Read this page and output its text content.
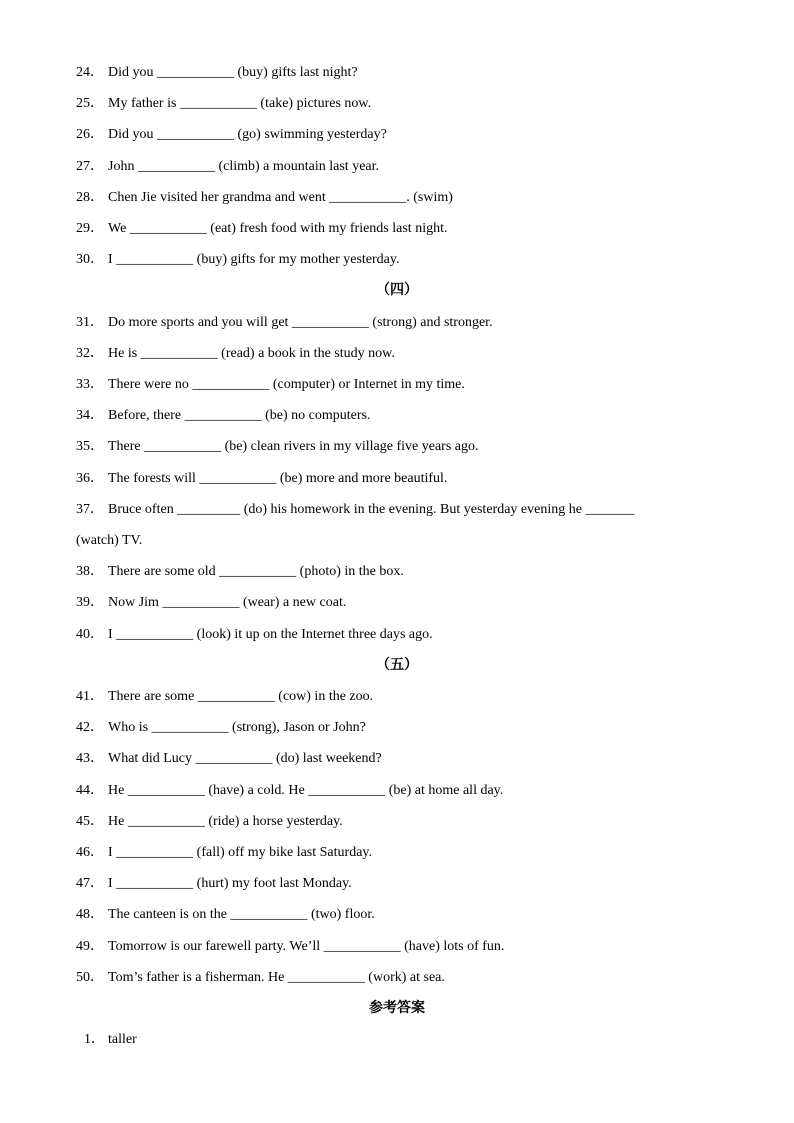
24． Did you ___________ (buy) gifts last night?
25． My father is ___________ (take) pictures now.
26． Did you ___________ (go) swimming yesterday?
27． John ___________ (climb) a mountain last year.
28． Chen Jie visited her grandma and went ___________. (swim)
29． We ___________ (eat) fresh food with my friends last night.
30． I ___________ (buy) gifts for my mother yesterday.
（四）
31． Do more sports and you will get ___________ (strong) and stronger.
32． He is ___________ (read) a book in the study now.
33． There were no ___________ (computer) or Internet in my time.
34． Before, there ___________ (be) no computers.
35． There ___________ (be) clean rivers in my village five years ago.
36． The forests will ___________ (be) more and more beautiful.
37． Bruce often _________ (do) his homework in the evening. But yesterday evening he _______
(watch) TV.
38． There are some old ___________ (photo) in the box.
39． Now Jim ___________ (wear) a new coat.
40． I ___________ (look) it up on the Internet three days ago.
（五）
41． There are some ___________ (cow) in the zoo.
42． Who is ___________ (strong), Jason or John?
43． What did Lucy ___________ (do) last weekend?
44． He ___________ (have) a cold. He ___________ (be) at home all day.
45． He ___________ (ride) a horse yesterday.
46． I ___________ (fall) off my bike last Saturday.
47． I ___________ (hurt) my foot last Monday.
48． The canteen is on the ___________ (two) floor.
49． Tomorrow is our farewell party. We’ll ___________ (have) lots of fun.
50． Tom’s father is a fisherman. He ___________ (work) at sea.
参考答案
1． taller
